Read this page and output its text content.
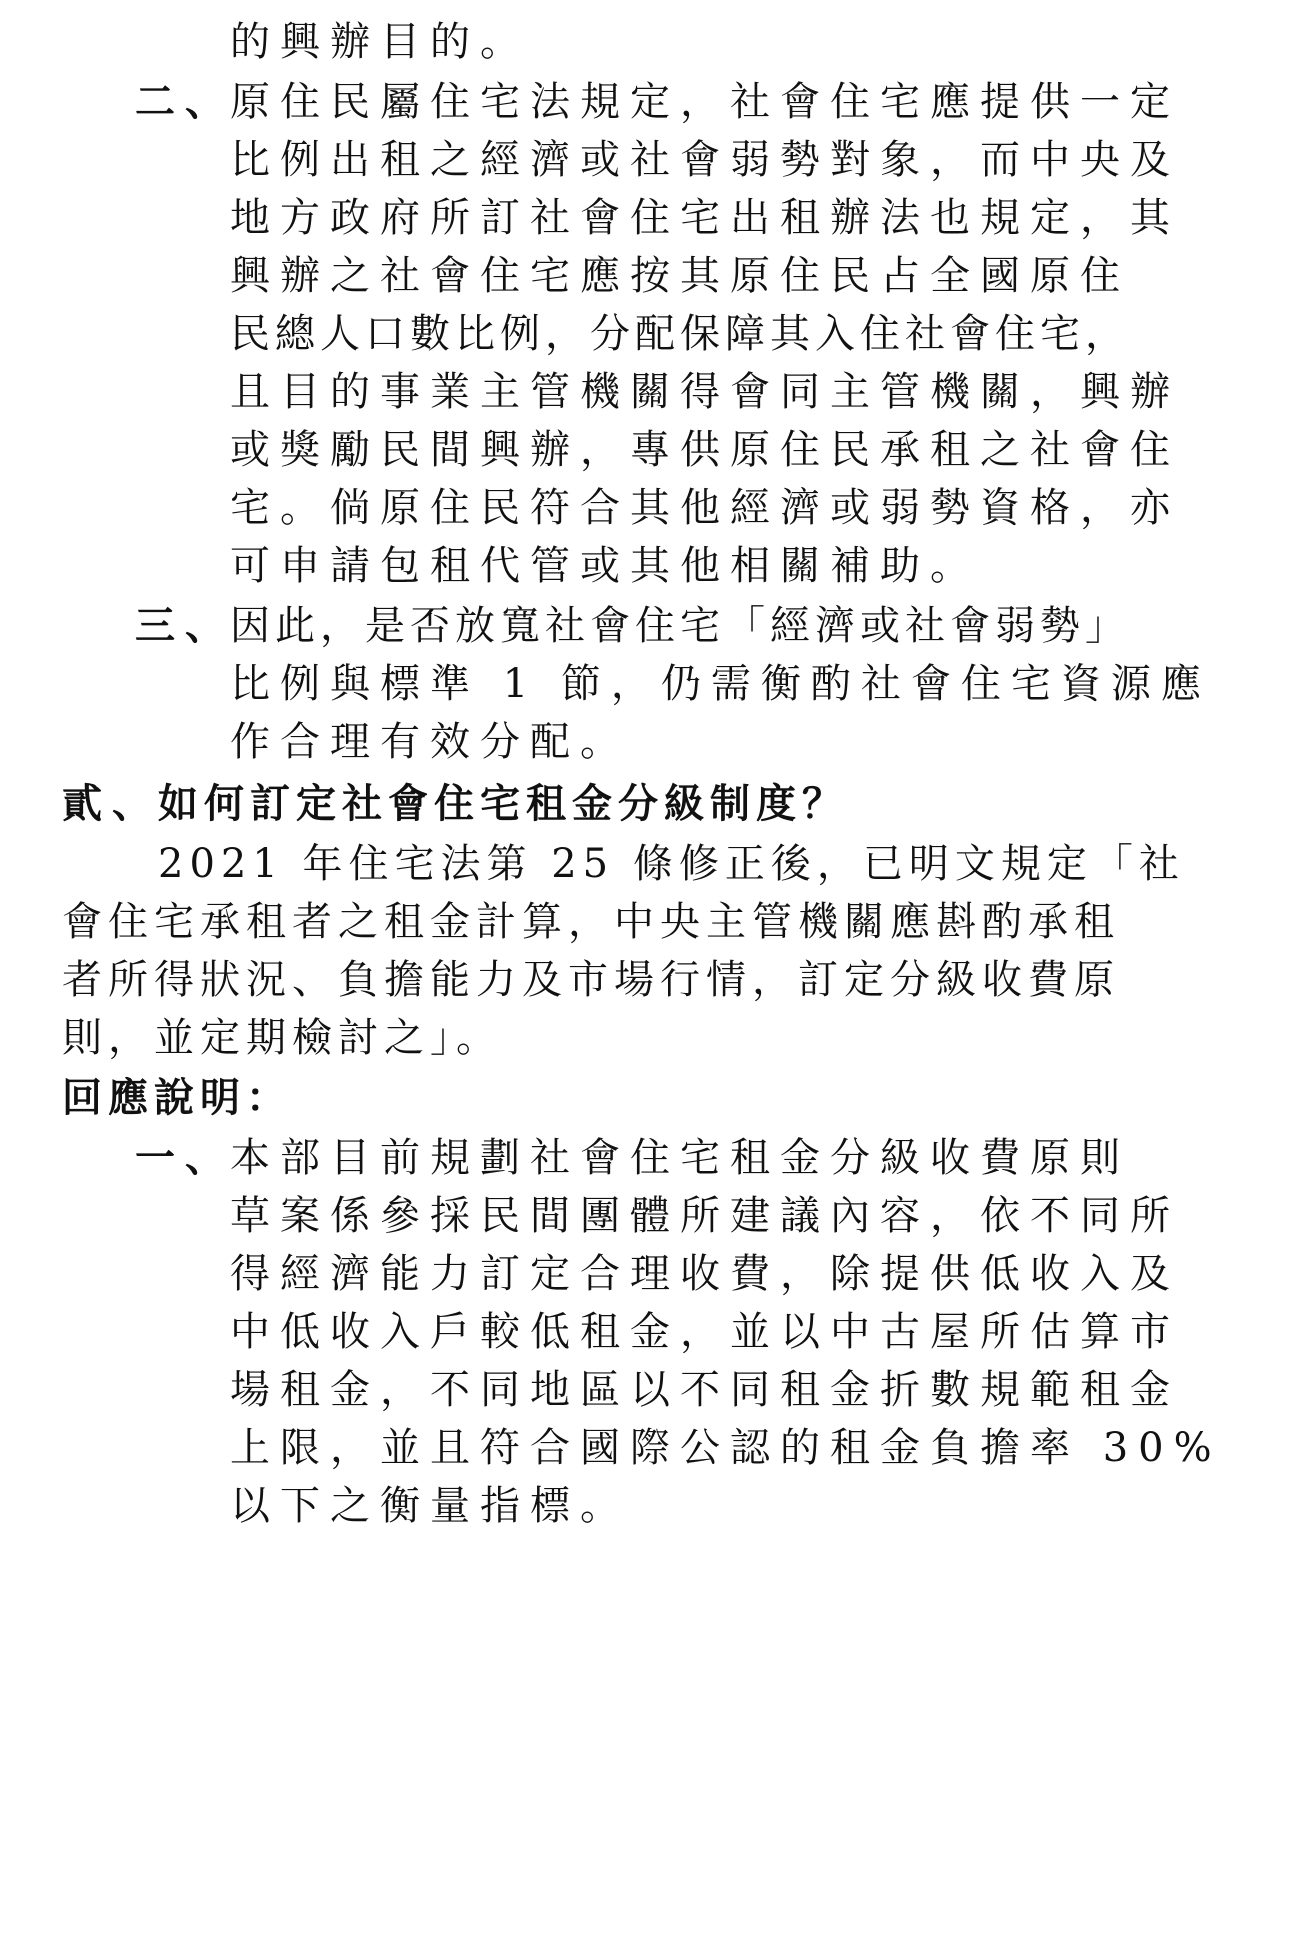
的興辦目的。
二、
原住民屬住宅法規定，社會住宅應提供一定
比例出租之經濟或社會弱勢對象，而中央及
地方政府所訂社會住宅出租辦法也規定，其
興辦之社會住宅應按其原住民占全國原住
民總人口數比例，分配保障其入住社會住宅，
且目的事業主管機關得會同主管機關，興辦
或獎勵民間興辦，專供原住民承租之社會住
宅。倘原住民符合其他經濟或弱勢資格，亦
可申請包租代管或其他相關補助。
三、
因此，是否放寬社會住宅「經濟或社會弱勢」
比例與標準 1 節，仍需衡酌社會住宅資源應
作合理有效分配。
貳、
如何訂定社會住宅租金分級制度？
2021 年住宅法第 25 條修正後，已明文規定「社
會住宅承租者之租金計算，中央主管機關應斟酌承租
者所得狀況、負擔能力及市場行情，訂定分級收費原
則，並定期檢討之」。
回應說明：
一、
本部目前規劃社會住宅租金分級收費原則
草案係參採民間團體所建議內容，依不同所
得經濟能力訂定合理收費，除提供低收入及
中低收入戶較低租金，並以中古屋所估算市
場租金，不同地區以不同租金折數規範租金
上限，並且符合國際公認的租金負擔率 30%
以下之衡量指標。
